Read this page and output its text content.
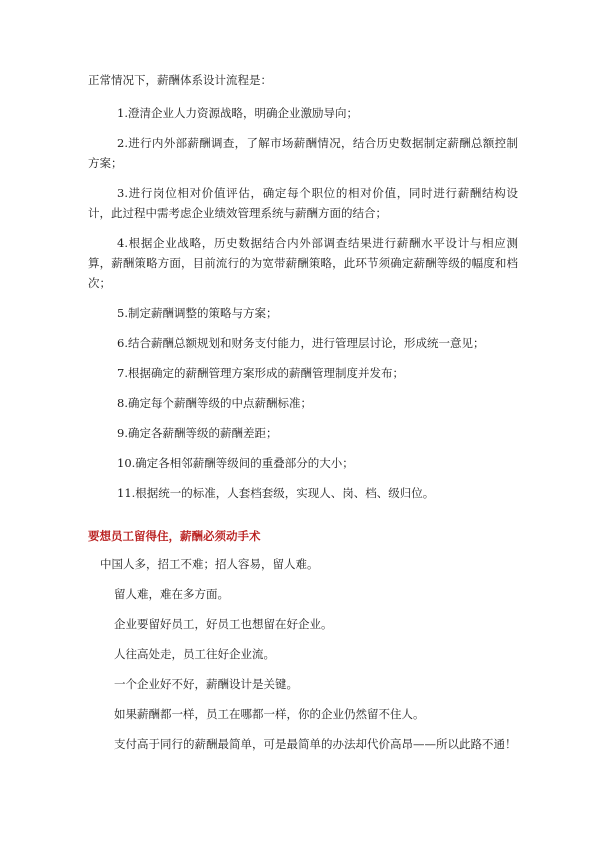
正常情况下，薪酬体系设计流程是：

1.澄清企业人力资源战略，明确企业激励导向；
2.进行内外部薪酬调查，了解市场薪酬情况，结合历史数据制定薪酬总额控制方案；
3.进行岗位相对价值评估，确定每个职位的相对价值，同时进行薪酬结构设计，此过程中需考虑企业绩效管理系统与薪酬方面的结合；
4.根据企业战略，历史数据结合内外部调查结果进行薪酬水平设计与相应测算，薪酬策略方面，目前流行的为宽带薪酬策略，此环节须确定薪酬等级的幅度和档次；
5.制定薪酬调整的策略与方案；
6.结合薪酬总额规划和财务支付能力，进行管理层讨论，形成统一意见；
7.根据确定的薪酬管理方案形成的薪酬管理制度并发布；
8.确定每个薪酬等级的中点薪酬标准；
9.确定各薪酬等级的薪酬差距；
10.确定各相邻薪酬等级间的重叠部分的大小；
11.根据统一的标准，人套档套级，实现人、岗、档、级归位。
要想员工留得住，薪酬必须动手术

中国人多，招工不难；招人容易，留人难。

留人难，难在多方面。

企业要留好员工，好员工也想留在好企业。

人往高处走，员工往好企业流。

一个企业好不好，薪酬设计是关键。

如果薪酬都一样，员工在哪都一样，你的企业仍然留不住人。

支付高于同行的薪酬最简单，可是最简单的办法却代价高昂——所以此路不通！
